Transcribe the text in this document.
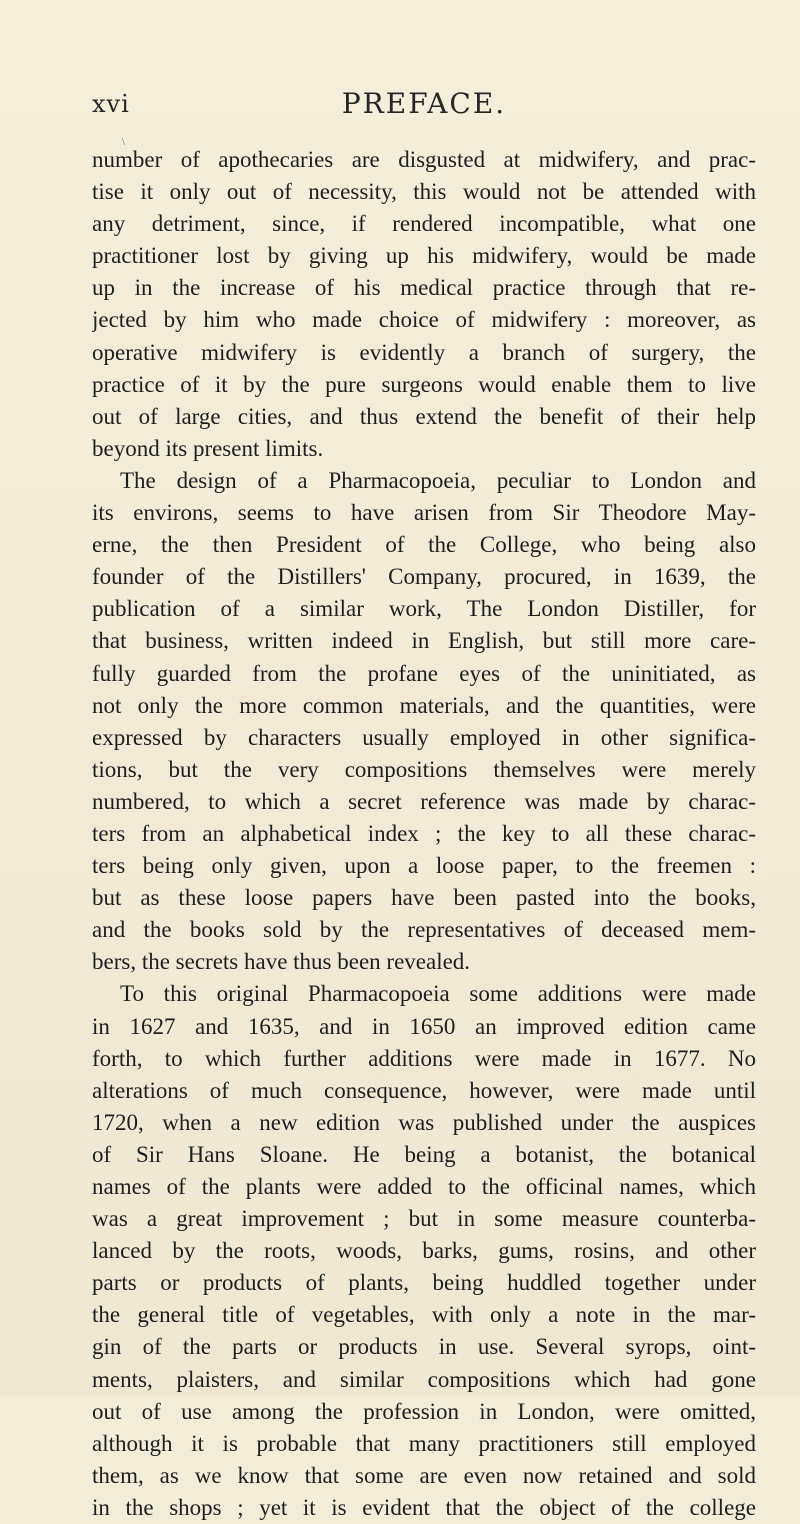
xvi	PREFACE.
\
number of apothecaries are disgusted at midwifery, and prac-
tise it only out of necessity, this would not be attended with
any detriment, since, if rendered incompatible, what one
practitioner lost by giving up his midwifery, would be made
up in the increase of his medical practice through that re-
jected by him who made choice of midwifery : moreover, as
operative midwifery is evidently a branch of surgery, the
practice of it by the pure surgeons would enable them to live
out of large cities, and thus extend the benefit of their help
beyond its present limits.
The design of a Pharmacopoeia, peculiar to London and
its environs, seems to have arisen from Sir Theodore May-
erne, the then President of the College, who being also
founder of the Distillers' Company, procured, in 1639, the
publication of a similar work, The London Distiller, for
that business, written indeed in English, but still more care-
fully guarded from the profane eyes of the uninitiated, as
not only the more common materials, and the quantities, were
expressed by characters usually employed in other significa-
tions, but the very compositions themselves were merely
numbered, to which a secret reference was made by charac-
ters from an alphabetical index ; the key to all these charac-
ters being only given, upon a loose paper, to the freemen :
but as these loose papers have been pasted into the books,
and the books sold by the representatives of deceased mem-
bers, the secrets have thus been revealed.
To this original Pharmacopoeia some additions were made
in 1627 and 1635, and in 1650 an improved edition came
forth, to which further additions were made in 1677. No
alterations of much consequence, however, were made until
1720, when a new edition was published under the auspices
of Sir Hans Sloane. He being a botanist, the botanical
names of the plants were added to the officinal names, which
was a great improvement ; but in some measure counterba-
lanced by the roots, woods, barks, gums, rosins, and other
parts or products of plants, being huddled together under
the general title of vegetables, with only a note in the mar-
gin of the parts or products in use. Several syrops, oint-
ments, plaisters, and similar compositions which had gone
out of use among the profession in London, were omitted,
although it is probable that many practitioners still employed
them, as we know that some are even now retained and sold
in the shops ; yet it is evident that the object of the college
